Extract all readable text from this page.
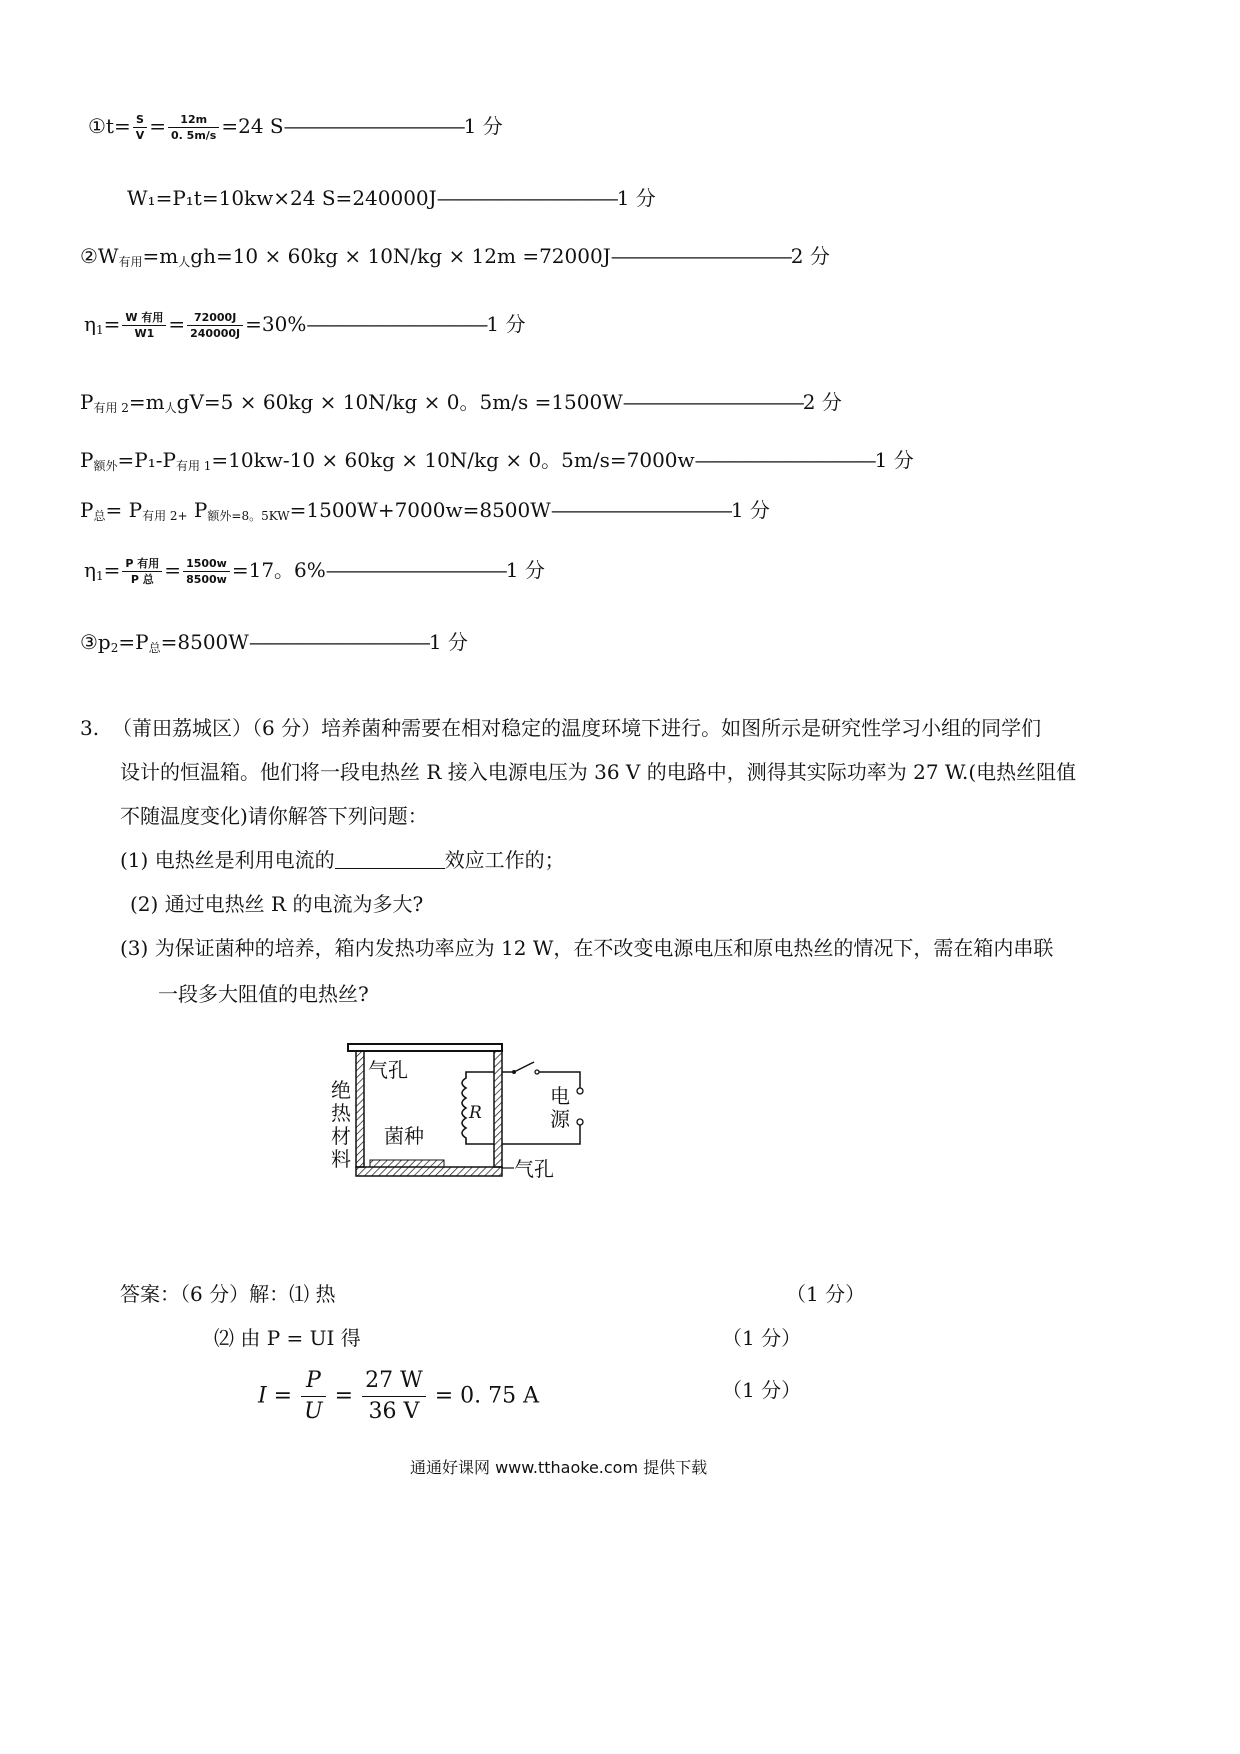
①t= $\frac{S}{V} = \frac{12m}{0. 5m/s} =24$ S——————————1 分
W₁=P₁t=10kw×24 S=240000J——————————1 分
$②W_{有用}=m_人gh=10 \times 60kg \times 10N/kg \times 12m$ =72000J——————————2 分
$\eta_1= \frac{\text{W 有用}}{W1} = \frac{72000J}{240000J}$ =30%——————————1 分
$P_{有用 2}=m_人gV=5 \times 60kg \times 10N/kg \times 0$。5m/s =1500W——————————2 分
$P_{额外}=P_1-P_{有用 1}=10kw-10 \times 60kg \times 10N/kg \times 0$。5m/s=7000w——————————1 分
$P_总= P_{有用 2+}$ $P_{额外=8。5KW}=1500W+7000w=8500W——————————1$ 分
$\eta_1= \frac{\text{P 有用}}{\text{P 总}} = \frac{1500w}{8500w} =17$。6%——————————1 分
$③p_2=P_总=8500W——————————1$ 分
3. （莆田荔城区）（6 分）培养菌种需要在相对稳定的温度环境下进行。如图所示是研究性学习小组的同学们
设计的恒温箱。他们将一段电热丝 R 接入电源电压为 36 V 的电路中，测得其实际功率为 27 W.(电热丝阻值
不随温度变化)请你解答下列问题：
(1) 电热丝是利用电流的	效应工作的；
(2) 通过电热丝 R 的电流为多大?
(3) 为保证菌种的培养，箱内发热功率应为 12 W，在不改变电源电压和原电热丝的情况下，需在箱内串联
一段多大阻值的电热丝?
气孔
绝
热
材
料
菌种
R
电
源
气孔
答案：（6 分）解：⑴ 热	（1 分）
⑵ 由 P = UI 得	（1 分）
$I = \frac{P}{U} = \frac{27 W}{36 V} = 0$. 75 A	（1 分）
通通好课网 www.tthaoke.com 提供下载
